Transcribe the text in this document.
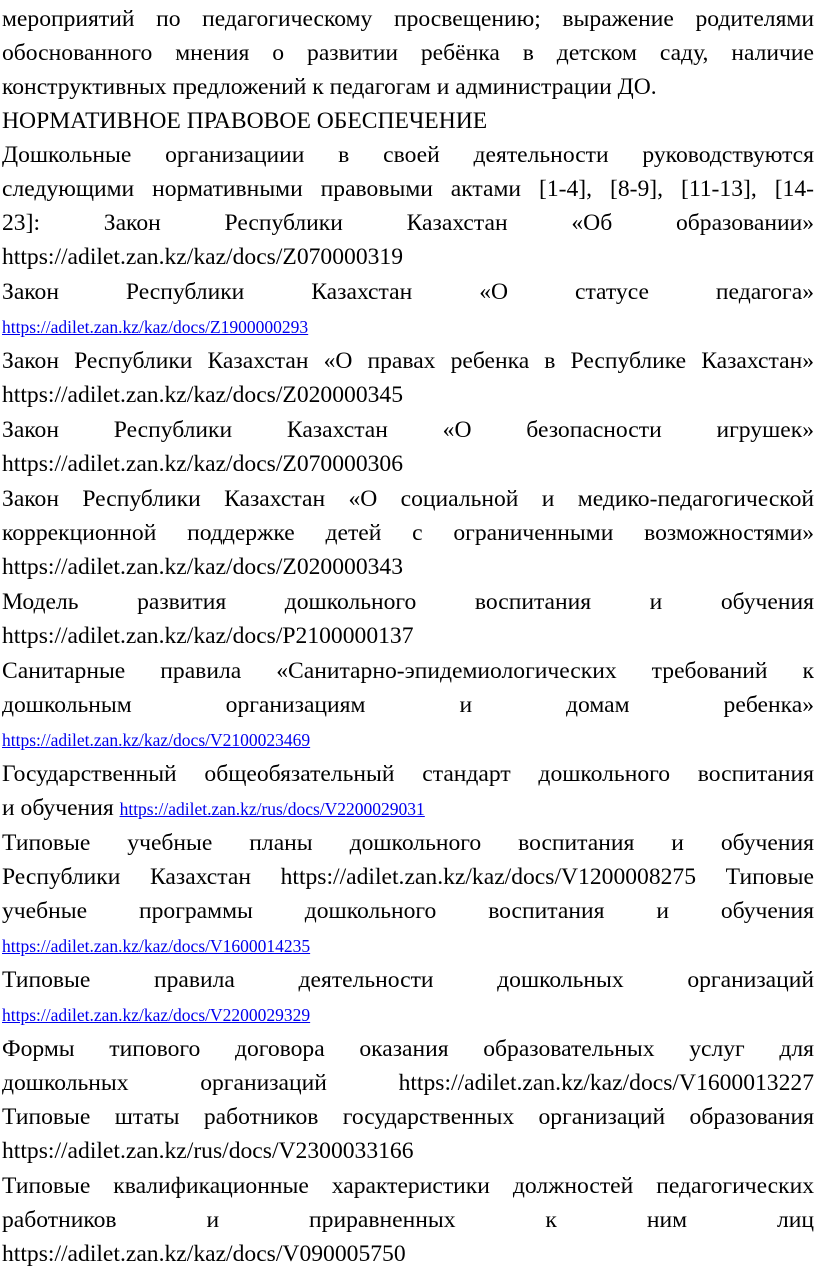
мероприятий по педагогическому просвещению; выражение родителями
обоснованного мнения о развитии ребёнка в детском саду, наличие
конструктивных предложений к педагогам и администрации ДО.
НОРМАТИВНОЕ ПРАВОВОЕ ОБЕСПЕЧЕНИЕ
Дошкольные организациии в своей деятельности руководствуются
следующими нормативными правовыми актами [1-4], [8-9], [11-13], [14-
23]: Закон Республики Казахстан «Об образовании»
https://adilet.zan.kz/kaz/docs/Z070000319
Закон Республики Казахстан «О статусе педагога»
https://adilet.zan.kz/kaz/docs/Z1900000293
Закон Республики Казахстан «О правах ребенка в Республике Казахстан»
https://adilet.zan.kz/kaz/docs/Z020000345
Закон Республики Казахстан «О безопасности игрушек»
https://adilet.zan.kz/kaz/docs/Z070000306
Закон Республики Казахстан «О социальной и медико-педагогической
коррекционной поддержке детей с ограниченными возможностями»
https://adilet.zan.kz/kaz/docs/Z020000343
Модель развития дошкольного воспитания и обучения
https://adilet.zan.kz/kaz/docs/P2100000137
Санитарные правила «Санитарно-эпидемиологических требований к
дошкольным организациям и домам ребенка»
https://adilet.zan.kz/kaz/docs/V2100023469
Государственный общеобязательный стандарт дошкольного воспитания
и обучения https://adilet.zan.kz/rus/docs/V2200029031
Типовые учебные планы дошкольного воспитания и обучения
Республики Казахстан https://adilet.zan.kz/kaz/docs/V1200008275 Типовые
учебные программы дошкольного воспитания и обучения
https://adilet.zan.kz/kaz/docs/V1600014235
Типовые правила деятельности дошкольных организаций
https://adilet.zan.kz/kaz/docs/V2200029329
Формы типового договора оказания образовательных услуг для
дошкольных организаций https://adilet.zan.kz/kaz/docs/V1600013227
Типовые штаты работников государственных организаций образования
https://adilet.zan.kz/rus/docs/V2300033166
Типовые квалификационные характеристики должностей педагогических
работников и приравненных к ним лиц
https://adilet.zan.kz/kaz/docs/V090005750
